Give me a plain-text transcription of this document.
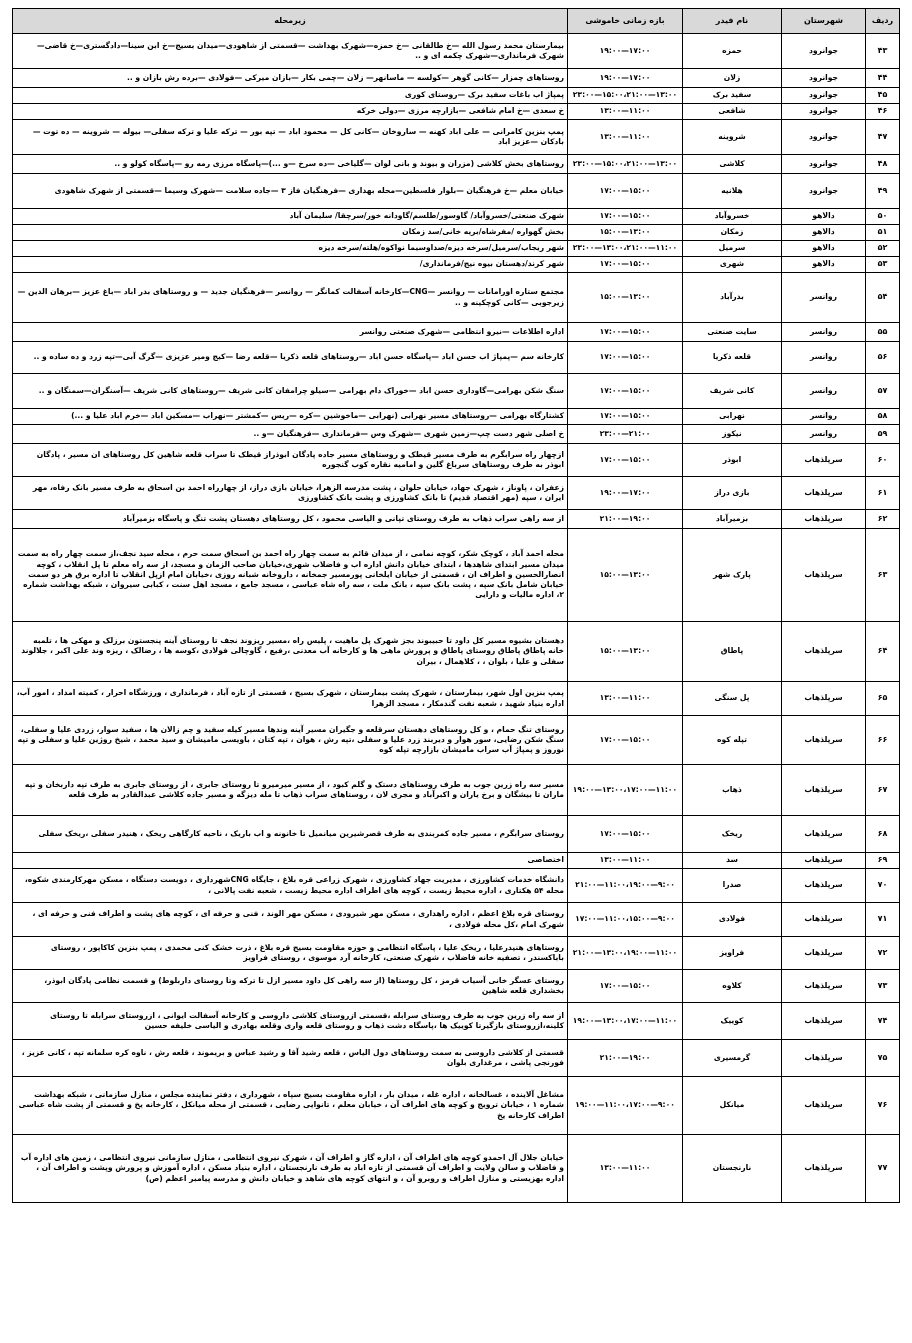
ردیف	شهرستان	نام فیدر	بازه زمانی خاموشی	زیرمحله
۴۳	جوانرود	حمزه	۱۷:۰۰—۱۹:۰۰	بیمارستان محمد رسول الله —خ طالقانی —خ حمزه—شهرک بهداشت —قسمتی از شاهودی—میدان بسیج—خ ابن سینا—دادگستری—خ قاضی—شهرک فرمانداری—شهرک چکمه ای و ..
۴۴	جوانرود	زلان	۱۷:۰۰—۱۹:۰۰	روستاهای چمزار —کانی گوهر —کولسه — ماسانهر— زلان —چمی بکار —بازان میرکی —فولادی —برده رش بازان و ..
۴۵	جوانرود	سفید برک	۱۳:۰۰—۱۵:۰۰،۲۱:۰۰—۲۳:۰۰	پمپاژ اب باغات سفید برک —روستای کوری
۴۶	جوانرود	شافعی	۱۱:۰۰—۱۳:۰۰	خ سعدی —خ امام شافعی —بازارچه مرزی —دولی خرکه
۴۷	جوانرود	شروینه	۱۱:۰۰—۱۳:۰۰	پمپ بنزین کامرانی — علی اباد کهنه — ساروخان —کانی کل — محمود اباد — تپه بور — ترکه علیا و ترکه سفلی— بیوله — شروینه — ده توت —بادکان —عزیز اباد
۴۸	جوانرود	کلاشی	۱۳:۰۰—۱۵:۰۰،۲۱:۰۰—۲۳:۰۰	روستاهای بخش کلاشی (مزران و بیوند و بانی لوان —گلیاخی —ده سرخ —و ...)—پاسگاه مرزی رمه رو —پاسگاه کولو و ..
۴۹	جوانرود	هلانیه	۱۵:۰۰—۱۷:۰۰	خیابان معلم —خ فرهنگیان —بلوار فلسطین—محله بهداری —فرهنگیان فاز ۳ —جاده سلامت —شهرک وسیما —قسمتی از شهرک شاهودی
۵۰	دالاهو	خسروآباد	۱۵:۰۰—۱۷:۰۰	شهرک صنعتی/خسروآباد/ گاوسور/طلسم/گاودانه خور/سرچقا/ سلیمان آباد
۵۱	دالاهو	زمکان	۱۳:۰۰—۱۵:۰۰	بخش گهواره /مفرشاه/بریه خانی/سد زمکان
۵۲	دالاهو	سرمیل	۱۱:۰۰—۱۳:۰۰،۲۱:۰۰—۲۳:۰۰	شهر ریجاب/سرمیل/سرخه دیزه/صداوسیما نواکوه/هلته/سرخه دیزه
۵۳	دالاهو	شهری	۱۵:۰۰—۱۷:۰۰	شهر کرند/دهستان بیوه نیج/فرمانداری/
۵۴	روانسر	بدرآباد	۱۳:۰۰—۱۵:۰۰	مجتمع ستاره اورامانات — روانسر —CNG—کارخانه آسفالت کمانگر — روانسر —فرهنگیان جدید — و روستاهای بدر اباد —باغ عزیز —برهان الدین —زیرجوبی —کانی کوچکینه و ..
۵۵	روانسر	سایت صنعتی	۱۵:۰۰—۱۷:۰۰	اداره اطلاعات —نیرو انتظامی —شهرک صنعتی روانسر
۵۶	روانسر	قلعه ذکریا	۱۵:۰۰—۱۷:۰۰	کارخانه سم —پمپاژ اب حسن اباد —پاسگاه حسن اباد —روستاهای قلعه ذکریا —قلعه رضا —کیج ومیر عزیزی —گرگ آبی—تپه زرد و ده ساده و ..
۵۷	روانسر	کانی شریف	۱۵:۰۰—۱۷:۰۰	سنگ شکن بهرامی—گاوداری حسن اباد —خوراک دام بهرامی —سیلو چرامفان کانی شریف —روستاهای کانی شریف —آسنگران—سمنگان و ..
۵۸	روانسر	نهرابی	۱۵:۰۰—۱۷:۰۰	کشتارگاه بهرامی —روستاهای مسیر نهرابی (نهرابی —ماخوشین —کره —ریس —کمشتر —نهراب —مسکین اباد —خرم اباد علیا و ...)
۵۹	روانسر	نیکوز	۲۱:۰۰—۲۳:۰۰	خ اصلی شهر دست چپ—زمین شهری —شهرک وس —فرمانداری —فرهنگیان —و ..
۶۰	سرپلذهاب	ابوذر	۱۵:۰۰—۱۷:۰۰	ازچهار راه سرابگرم به طرف مسیر قیطک و روستاهای مسیر جاده پادگان ابوذراز قیطک تا سراب قلعه شاهین کل روستاهای ان مسیر ، پادگان ابوذر به طرف روستاهای سرباغ گلین و امامیه نقاره کوب گنجوره
۶۱	سرپلذهاب	بازی دراز	۱۷:۰۰—۱۹:۰۰	زعفران ، پاوناز ، شهرک جهاد، خیابان حلوان ، پشت مدرسه الزهرا، خیابان بازی دراز، از چهارراه احمد بن اسحاق به طرف مسیر بانک رفاه، مهر ایران ، سپه (مهر اقتصاد قدیم) تا بانک کشاورزی و پشت بانک کشاورزی
۶۲	سرپلذهاب	بزمیرآباد	۱۹:۰۰—۲۱:۰۰	از سه راهی سراب ذهاب به طرف روستای تپانی و الیاسی محمود ، کل روستاهای دهستان پشت تنگ و پاسگاه بزمیرآباد
۶۳	سرپلذهاب	پارک شهر	۱۳:۰۰—۱۵:۰۰	محله احمد آباد ، کوچک شکر، کوچه نمامی ، از میدان قائم به سمت چهار راه احمد بن اسحاق سمت حرم ، محله سید نجف،از سمت چهار راه به سمت میدان مسیر ابتدای شاهدها ، ابتدای خیابان دانش اداره اب و فاضلاب شهری،خیابان صاحب الزمان و مسجد، از سه راه معلم تا پل انقلاب ، کوچه انصارالحسین و اطراف ان ، قسمتی از خیابان ایلخانی پورمسیر جمخانه ، داروخانه شبانه روزی ،خیابان امام ازپل انقلاب تا اداره برق هر دو سمت خیابان شامل بانک سپه ، پشت بانک سپه ، بانک ملت ، سه راه شاه عباسی ، مسجد جامع ، مسجد اهل سنت ، کبابی سیروان ، شبکه بهداشت شماره ۲، اداره مالیات و دارایی
۶۴	سرپلذهاب	پاطاق	۱۳:۰۰—۱۵:۰۰	دهستان بشیوه مسیر کل داود تا حبیبوند بجز شهرک پل ماهیت ، پلیس راه ،مسیر ریزوند نجف تا روستای آینه پنجستون برزلک و مهکی ها ، تلمبه خانه پاطاق پاطاق روستای پاطاق و پرورش ماهی ها و کارخانه آب معدنی ،رفیع ، گاوچالی فولادی ،کوسه ها ، رضالک ، ریزه وند علی اکبر ، جلالوند سفلی و علیا ، بلوان ، ، کلاهمال ، بیران
۶۵	سرپلذهاب	پل سنگی	۱۱:۰۰—۱۳:۰۰	پمپ بنزین اول شهر، بیمارستان ، شهرک پشت بیمارستان ، شهرک بسیج ، قسمتی از تازه آباد ، فرمانداری ، ورزشگاه احرار ، کمیته امداد ، امور آب، اداره بنیاد شهید ، شعبه نفت گندمکار ، مسجد الزهرا
۶۶	سرپلذهاب	تپله کوه	۱۵:۰۰—۱۷:۰۰	روستای تنگ حمام ، و کل روستاهای دهستان سرقلعه و جگیران مسیر آینه وندها مسیر کیله سفید و چم زالان ها ، سفید سوار، زردی علیا و سفلی، سنگ شکن رضایی، سور هوار و دیربند زرد علیا و سفلی ،تپه رش ، هوان ، تپه کتان ، باویسی مامیشان و سید محمد ، شیخ روژین علیا و سفلی و تپه نوروز و پمپاژ آب سراب مامیشان بازارچه تپله کوه
۶۷	سرپلذهاب	ذهاب	۱۱:۰۰—۱۳:۰۰،۱۷:۰۰—۱۹:۰۰	مسیر سه راه زرین جوب به طرف روستاهای دستک و گلم کبود ، از مسیر میرمیرو تا روستای جابری ، از روستای جابری به طرف تپه داربخان و تپه ماران تا بیشگان و برخ یاران و اکبرآباد و مجری لان ، روستاهای سراب ذهاب تا مله دیزگه و مسیر جاده کلاشی عبدالقادر به طرف قلعه
۶۸	سرپلذهاب	ریخک	۱۵:۰۰—۱۷:۰۰	روستای سرابگرم ، مسیر جاده کمربندی به طرف قصرشیرین میانمیل تا خانونه و اب باریک ، ناحیه کارگاهی ریخک ، هنیدر سفلی ،ریخک سفلی
۶۹	سرپلذهاب	سد	۱۱:۰۰—۱۳:۰۰	اختصاصی
۷۰	سرپلذهاب	صدرا	۹:۰۰—۱۱:۰۰،۱۹:۰۰—۲۱:۰۰	دانشگاه خدمات کشاورزی ، مدیریت جهاد کشاورزی ، شهرک زراعی قره بلاغ ، جایگاه CNGشهرداری ، دویست دستگاه ، مسکن مهرکارمندی شکوه، محله ۵۴ هکتاری ، اداره محیط زیست ، کوچه های اطراف اداره محیط زیست ، شعبه نفت پالانی ،
۷۱	سرپلذهاب	فولادی	۹:۰۰—۱۱:۰۰،۱۵:۰۰—۱۷:۰۰	روستای قره بلاغ اعظم ، اداره راهداری ، مسکن مهر شیرودی ، مسکن مهر الوند ، فنی و حرفه ای ، کوچه های پشت و اطراف فنی و حرفه ای ، شهرک امام ،کل محله فولادی ،
۷۲	سرپلذهاب	فراویز	۱۱:۰۰—۱۳:۰۰،۱۹:۰۰—۲۱:۰۰	روستاهای هنیدرعلیا ، ریخک علیا ، پاسگاه انتظامی و حوزه مقاومت بسیج قره بلاغ ، ذرت خشک کنی محمدی ، پمپ بنزین کاکاپور ، روستای باباکسندر ، تصفیه خانه فاضلاب ، شهرک صنعتی، کارخانه آرد موسوی ، روستای فراویز
۷۳	سرپلذهاب	کلاوه	۱۵:۰۰—۱۷:۰۰	روستای عسگر خانی آسیاب قرمز ، کل روستاها (از سه راهی کل داود مسیر ازل تا ترکه وتا روستای داربلوط) و قسمت نظامی پادگان ابوذر، بخشداری قلعه شاهین
۷۴	سرپلذهاب	کوییک	۱۱:۰۰—۱۳:۰۰،۱۷:۰۰—۱۹:۰۰	از سه راه زرین جوب به طرف روستای سرابله ،قسمتی ازروستای کلاشی داروسی و کارخانه آسفالت ایوانی ، ازروستای سرابله تا روستای کلینه،ازروستای بازگیرتا کوییک ها ،پاسگاه دشت ذهاب و روستای قلعه واری وقلعه بهادری و الیاسی خلیفه حسین
۷۵	سرپلذهاب	گرمسیری	۱۹:۰۰—۲۱:۰۰	قسمتی از کلاشی داروسی به سمت روستاهای دول الیاس ، قلعه رشید آقا و رشید عباس و بریموند ، قلعه رش ، ناوه کره سلمانه تپه ، کانی عزیز ، فورنجی پاشی ، مرغداری بلوان
۷۶	سرپلذهاب	میانکل	۹:۰۰—۱۱:۰۰،۱۷:۰۰—۱۹:۰۰	مشاغل آلاینده ، غسالخانه ، اداره غله ، میدان بار ، اداره مقاومت بسیج سپاه ، شهرداری ، دفتر نماینده مجلس ، منازل سازمانی ، شبکه بهداشت شماره ۱ ، خیابان ترویج و کوچه های اطراف آن ، خیابان معلم ، تانوایی رضایی ، قسمتی از محله میانکل ، کارخانه یخ و قسمتی از پشت شاه عباسی اطراف کارخانه یخ
۷۷	سرپلذهاب	نارنجستان	۱۱:۰۰—۱۳:۰۰	خیابان جلال آل احمدو کوچه های اطراف آن ، اداره گاز و اطراف آن ، شهرک نیروی انتظامی ، منازل سازمانی نیروی انتظامی ، زمین های اداره آب و فاضلاب و سالن ولایت و اطراف آن قسمتی از تازه اباد به طرف نارنجستان ، اداره بنیاد مسکن ، اداره آموزش و پرورش وپشت و اطراف آن ، اداره بهزیستی و منازل اطراف و روبرو آن ، و انتهای کوچه های شاهد و خیابان دانش و مدرسه پیامبر اعظم (ص)
